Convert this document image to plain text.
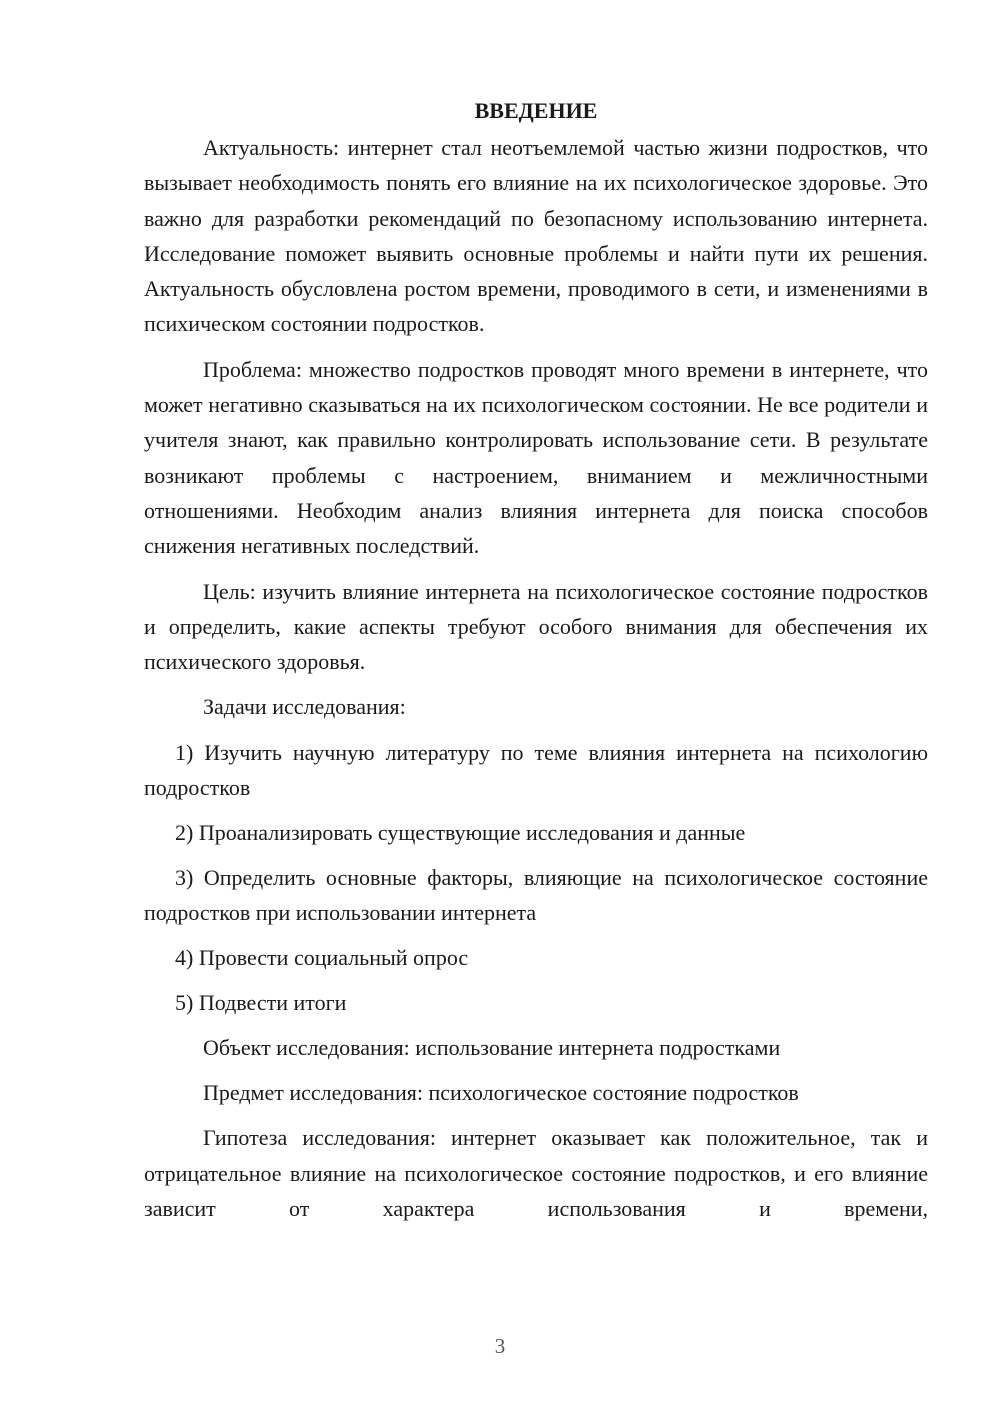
ВВЕДЕНИЕ

Актуальность: интернет стал неотъемлемой частью жизни подростков, что вызывает необходимость понять его влияние на их психологическое здоровье. Это важно для разработки рекомендаций по безопасному использованию интернета. Исследование поможет выявить основные проблемы и найти пути их решения. Актуальность обусловлена ростом времени, проводимого в сети, и изменениями в психическом состоянии подростков.

Проблема: множество подростков проводят много времени в интернете, что может негативно сказываться на их психологическом состоянии. Не все родители и учителя знают, как правильно контролировать использование сети. В результате возникают проблемы с настроением, вниманием и межличностными отношениями. Необходим анализ влияния интернета для поиска способов снижения негативных последствий.

Цель: изучить влияние интернета на психологическое состояние подростков и определить, какие аспекты требуют особого внимания для обеспечения их психического здоровья.

Задачи исследования:

1) Изучить научную литературу по теме влияния интернета на психологию подростков

2) Проанализировать существующие исследования и данные

3) Определить основные факторы, влияющие на психологическое состояние подростков при использовании интернета

4) Провести социальный опрос

5) Подвести итоги

Объект исследования: использование интернета подростками

Предмет исследования: психологическое состояние подростков

Гипотеза исследования: интернет оказывает как положительное, так и отрицательное влияние на психологическое состояние подростков, и его влияние зависит от характера использования и времени,

3
